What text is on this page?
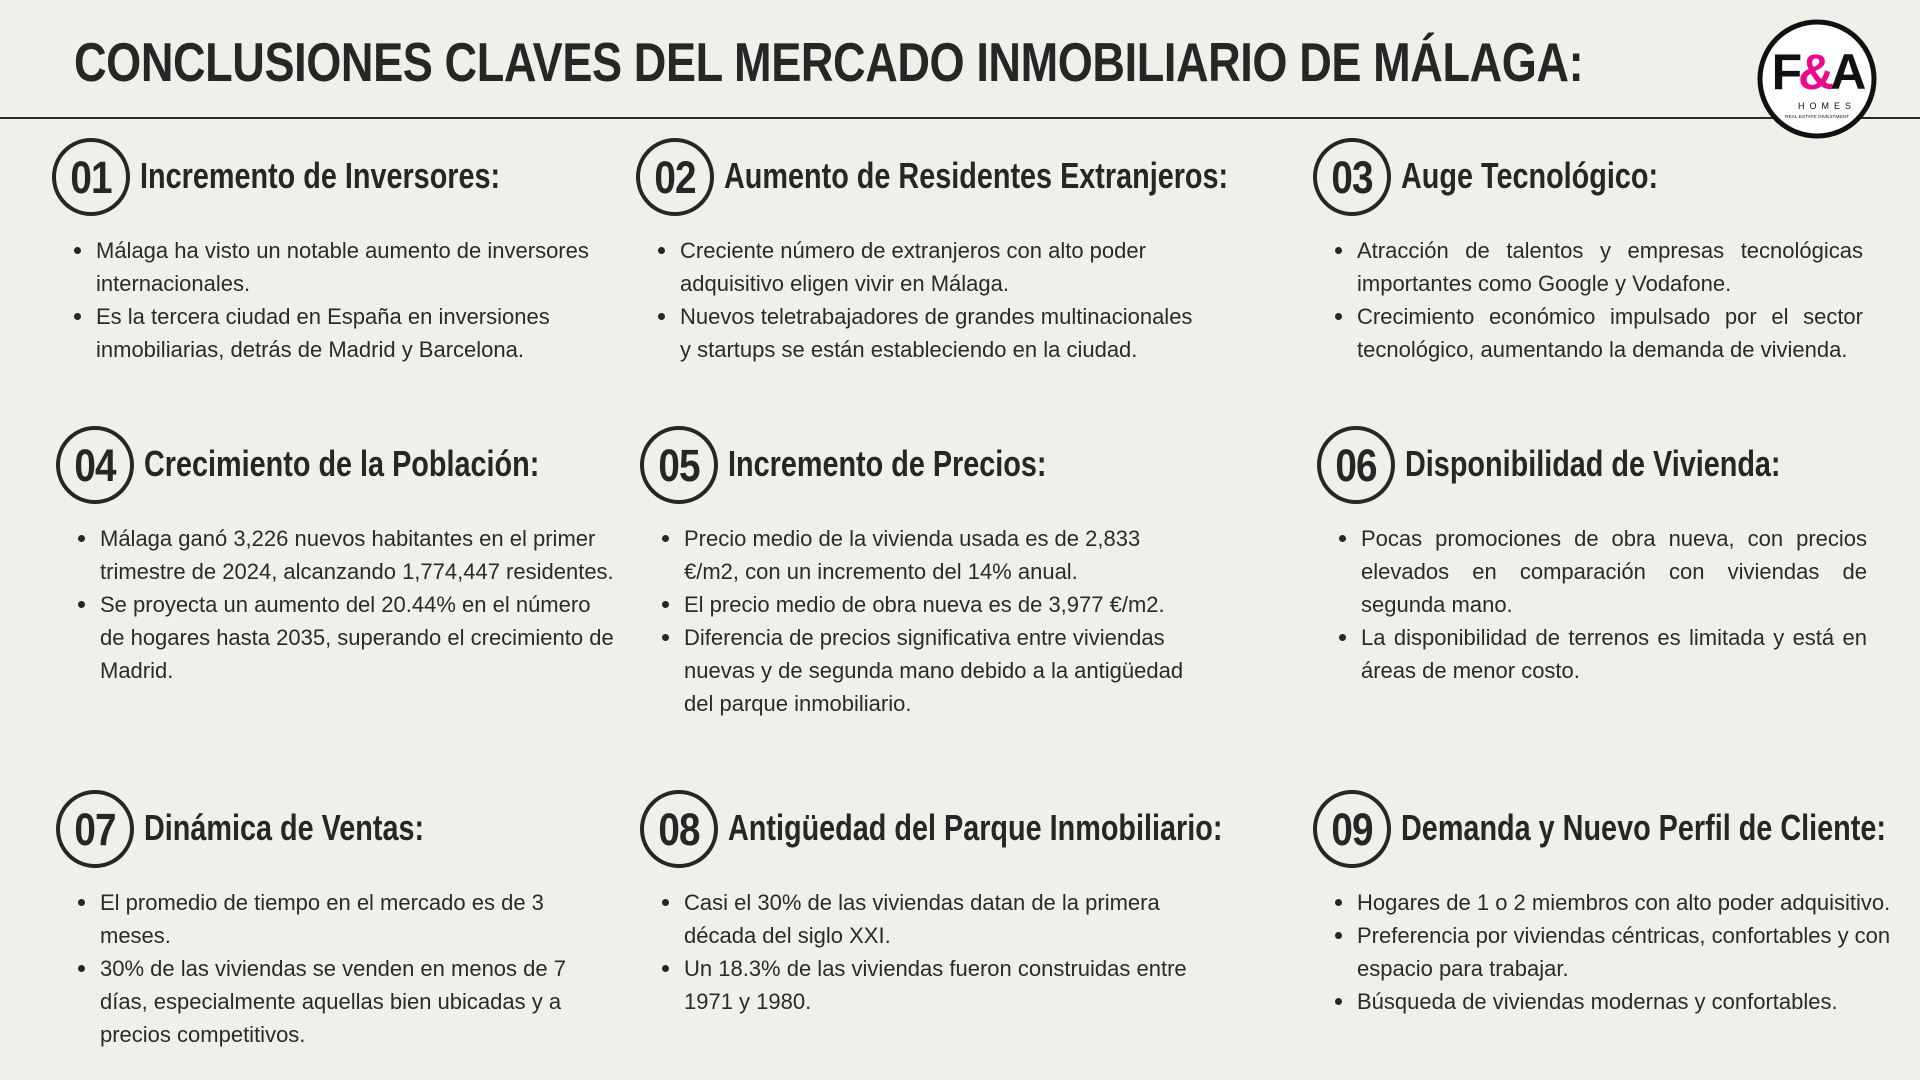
CONCLUSIONES CLAVES DEL MERCADO INMOBILIARIO DE MÁLAGA:	F&A
HOMES
REAL ESTATE INVESTMENT
01 Incremento de Inversores:
Málaga ha visto un notable aumento de inversores internacionales.
Es la tercera ciudad en España en inversiones inmobiliarias, detrás de Madrid y Barcelona.
02 Aumento de Residentes Extranjeros:
Creciente número de extranjeros con alto poder adquisitivo eligen vivir en Málaga.
Nuevos teletrabajadores de grandes multinacionales y startups se están estableciendo en la ciudad.
03 Auge Tecnológico:
Atracción de talentos y empresas tecnológicas importantes como Google y Vodafone.
Crecimiento económico impulsado por el sector tecnológico, aumentando la demanda de vivienda.
04 Crecimiento de la Población:
Málaga ganó 3,226 nuevos habitantes en el primer trimestre de 2024, alcanzando 1,774,447 residentes.
Se proyecta un aumento del 20.44% en el número de hogares hasta 2035, superando el crecimiento de Madrid.
05 Incremento de Precios:
Precio medio de la vivienda usada es de 2,833 €/m2, con un incremento del 14% anual.
El precio medio de obra nueva es de 3,977 €/m2.
Diferencia de precios significativa entre viviendas nuevas y de segunda mano debido a la antigüedad del parque inmobiliario.
06 Disponibilidad de Vivienda:
Pocas promociones de obra nueva, con precios elevados en comparación con viviendas de segunda mano.
La disponibilidad de terrenos es limitada y está en áreas de menor costo.
07 Dinámica de Ventas:
El promedio de tiempo en el mercado es de 3 meses.
30% de las viviendas se venden en menos de 7 días, especialmente aquellas bien ubicadas y a precios competitivos.
08 Antigüedad del Parque Inmobiliario:
Casi el 30% de las viviendas datan de la primera década del siglo XXI.
Un 18.3% de las viviendas fueron construidas entre 1971 y 1980.
09 Demanda y Nuevo Perfil de Cliente:
Hogares de 1 o 2 miembros con alto poder adquisitivo.
Preferencia por viviendas céntricas, confortables y con espacio para trabajar.
Búsqueda de viviendas modernas y confortables.
